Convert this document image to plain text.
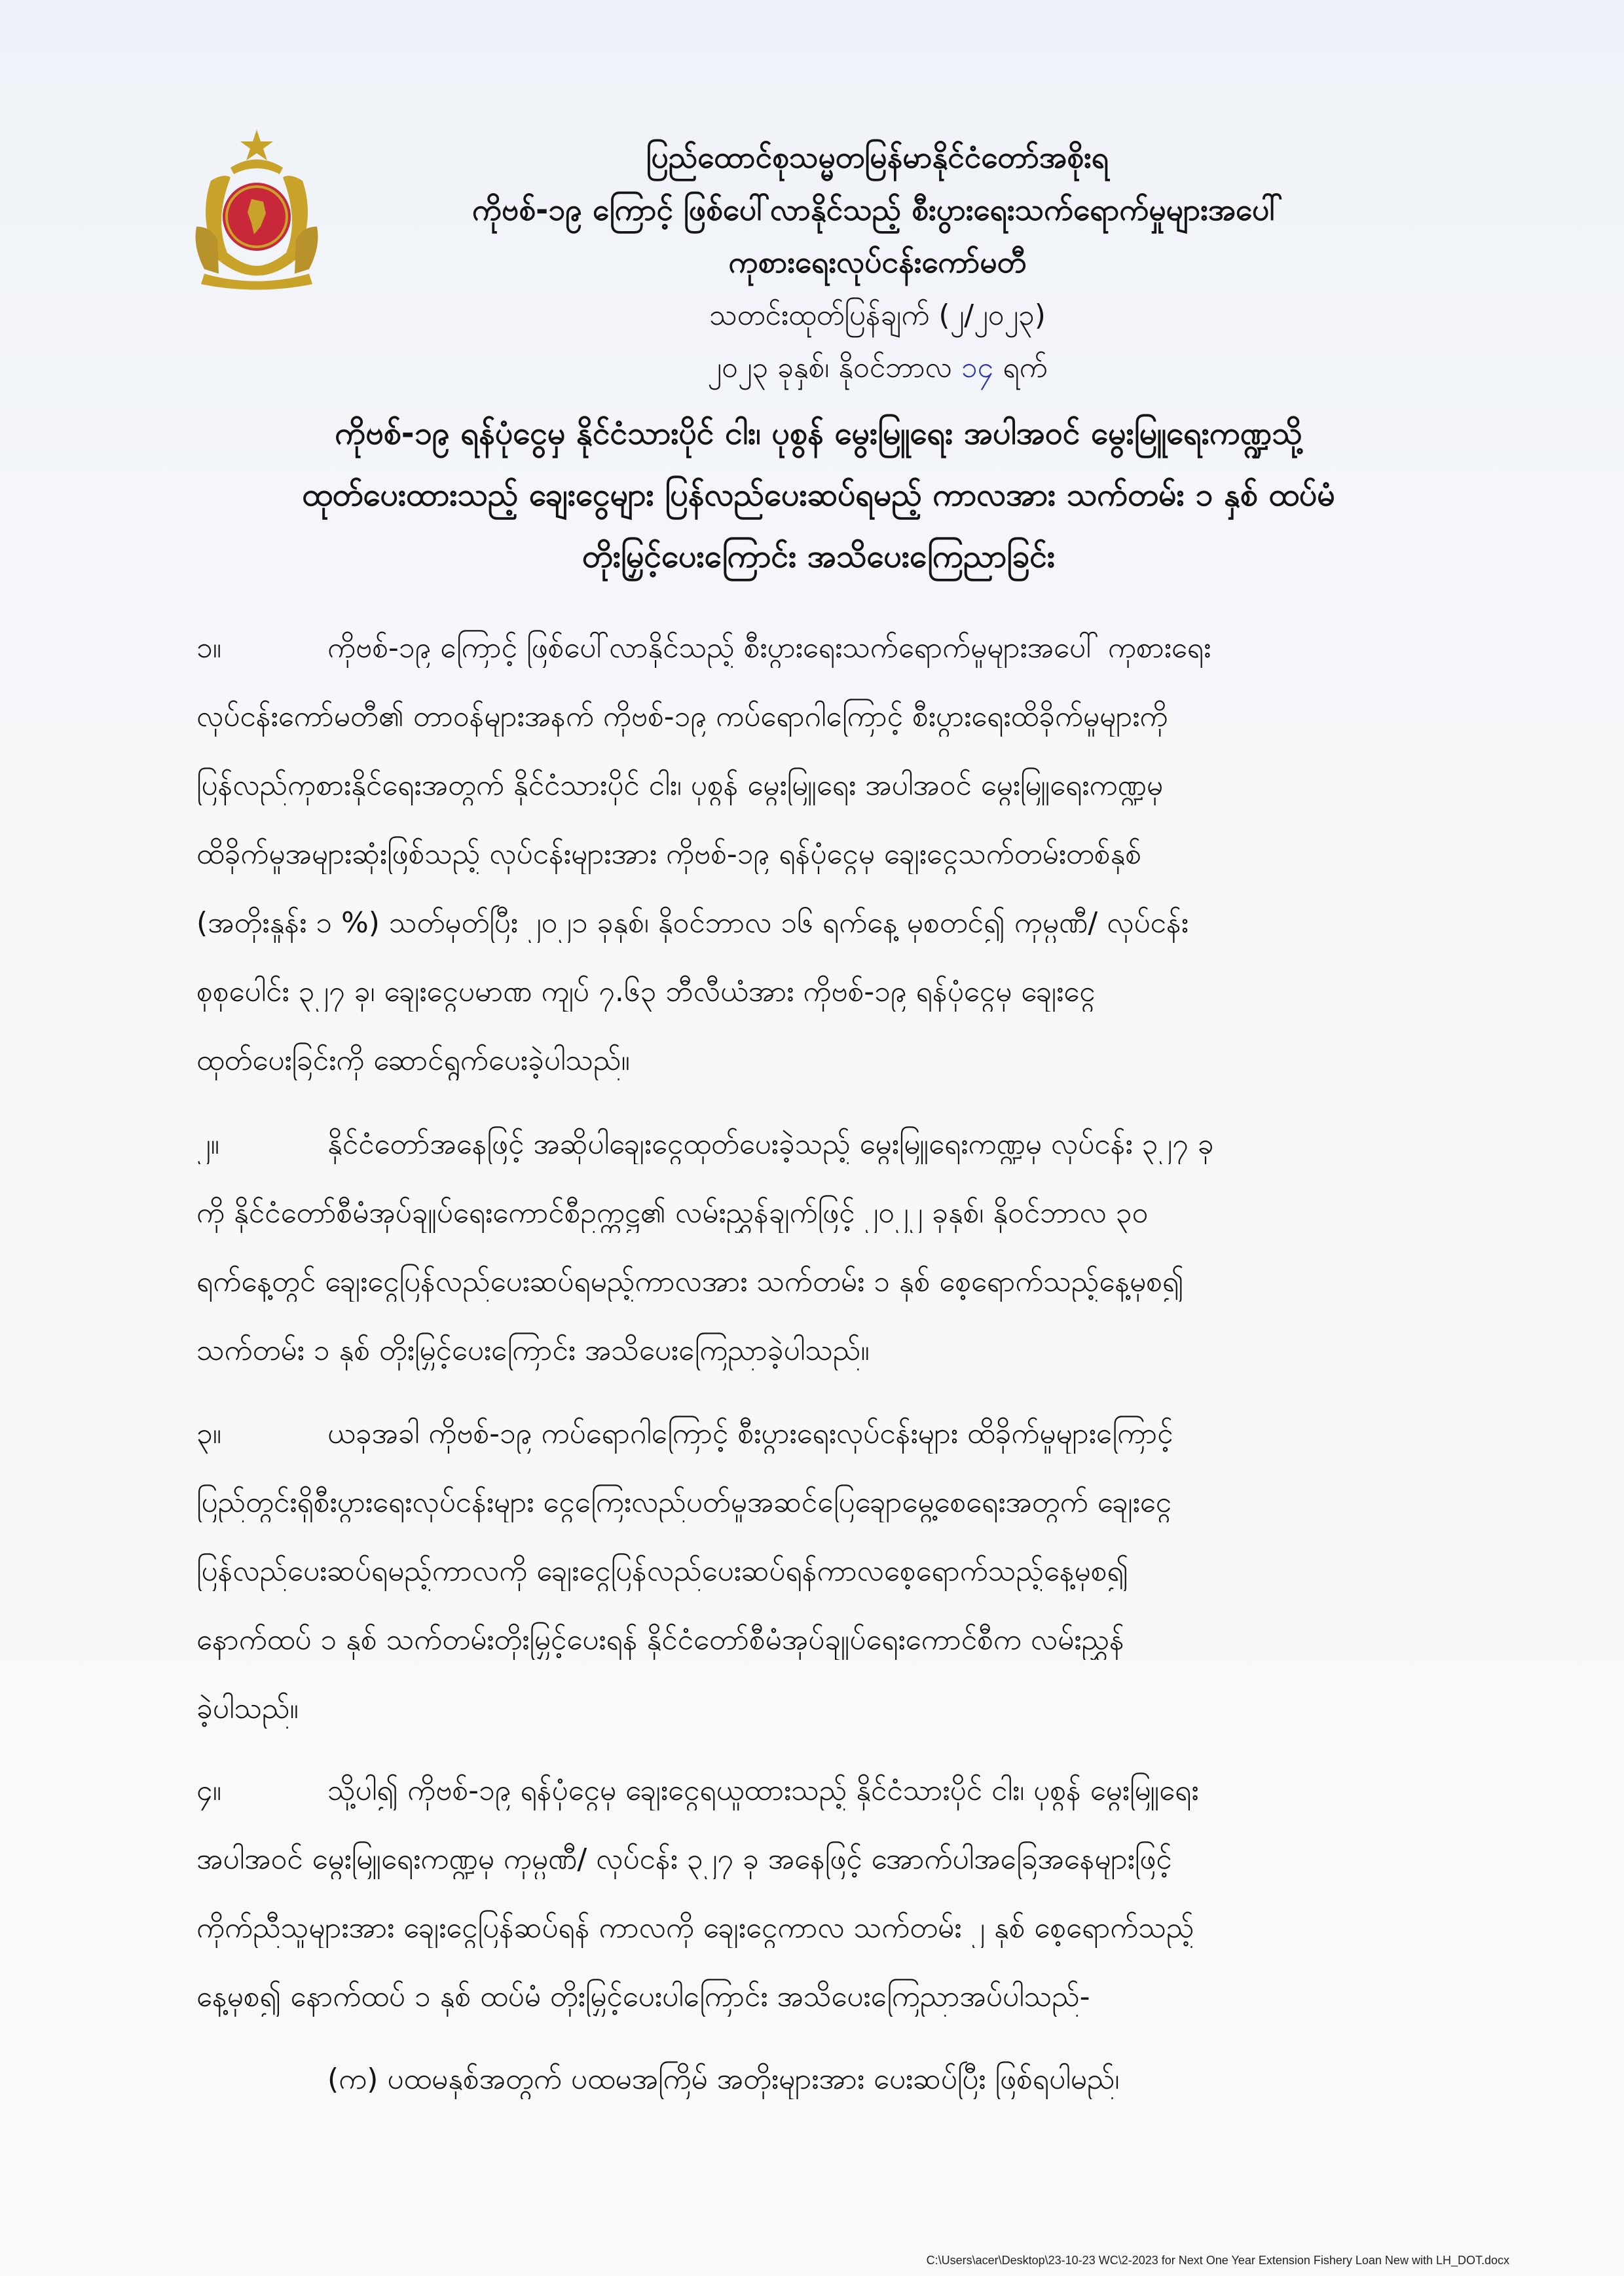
ပြည်ထောင်စုသမ္မတမြန်မာနိုင်ငံတော်အစိုးရ
ကိုဗစ်-၁၉ ကြောင့် ဖြစ်ပေါ်လာနိုင်သည့် စီးပွားရေးသက်ရောက်မှုများအပေါ်
ကုစားရေးလုပ်ငန်းကော်မတီ
သတင်းထုတ်ပြန်ချက် (၂/၂၀၂၃)
၂၀၂၃ ခုနှစ်၊ နိုဝင်ဘာလ ၁၄ ရက်
ကိုဗစ်-၁၉ ရန်ပုံငွေမှ နိုင်ငံသားပိုင် ငါး၊ ပုစွန် မွေးမြူရေး အပါအဝင် မွေးမြူရေးကဏ္ဍသို့
ထုတ်ပေးထားသည့် ချေးငွေများ ပြန်လည်ပေးဆပ်ရမည့် ကာလအား သက်တမ်း ၁ နှစ် ထပ်မံ
တိုးမြှင့်ပေးကြောင်း အသိပေးကြေညာခြင်း
၁။	ကိုဗစ်-၁၉ ကြောင့် ဖြစ်ပေါ်လာနိုင်သည့် စီးပွားရေးသက်ရောက်မှုများအပေါ် ကုစားရေး
လုပ်ငန်းကော်မတီ၏ တာဝန်များအနက် ကိုဗစ်-၁၉ ကပ်ရောဂါကြောင့် စီးပွားရေးထိခိုက်မှုများကို
ပြန်လည်ကုစားနိုင်ရေးအတွက် နိုင်ငံသားပိုင် ငါး၊ ပုစွန် မွေးမြူရေး အပါအဝင် မွေးမြူရေးကဏ္ဍမှ
ထိခိုက်မှုအများဆုံးဖြစ်သည့် လုပ်ငန်းများအား ကိုဗစ်-၁၉ ရန်ပုံငွေမှ ချေးငွေသက်တမ်းတစ်နှစ်
(အတိုးနှုန်း ၁ %) သတ်မှတ်ပြီး ၂၀၂၁ ခုနှစ်၊ နိုဝင်ဘာလ ၁၆ ရက်နေ့ မှစတင်၍ ကုမ္ပဏီ/ လုပ်ငန်း
စုစုပေါင်း ၃၂၇ ခု၊ ချေးငွေပမာဏ ကျပ် ၇.၆၃ ဘီလီယံအား ကိုဗစ်-၁၉ ရန်ပုံငွေမှ ချေးငွေ
ထုတ်ပေးခြင်းကို ဆောင်ရွက်ပေးခဲ့ပါသည်။
၂။	နိုင်ငံတော်အနေဖြင့် အဆိုပါချေးငွေထုတ်ပေးခဲ့သည့် မွေးမြူရေးကဏ္ဍမှ လုပ်ငန်း ၃၂၇ ခု
ကို နိုင်ငံတော်စီမံအုပ်ချုပ်ရေးကောင်စီဥက္ကဋ္ဌ၏ လမ်းညွှန်ချက်ဖြင့် ၂၀၂၂ ခုနှစ်၊ နိုဝင်ဘာလ ၃၀
ရက်နေ့တွင် ချေးငွေပြန်လည်ပေးဆပ်ရမည့်ကာလအား သက်တမ်း ၁ နှစ် စေ့ရောက်သည့်နေ့မှစ၍
သက်တမ်း ၁ နှစ် တိုးမြှင့်ပေးကြောင်း အသိပေးကြေညာခဲ့ပါသည်။
၃။	ယခုအခါ ကိုဗစ်-၁၉ ကပ်ရောဂါကြောင့် စီးပွားရေးလုပ်ငန်းများ ထိခိုက်မှုများကြောင့်
ပြည်တွင်းရှိစီးပွားရေးလုပ်ငန်းများ ငွေကြေးလည်ပတ်မှုအဆင်ပြေချောမွေ့စေရေးအတွက် ချေးငွေ
ပြန်လည်ပေးဆပ်ရမည့်ကာလကို ချေးငွေပြန်လည်ပေးဆပ်ရန်ကာလစေ့ရောက်သည့်နေ့မှစ၍
နောက်ထပ် ၁ နှစ် သက်တမ်းတိုးမြှင့်ပေးရန် နိုင်ငံတော်စီမံအုပ်ချုပ်ရေးကောင်စီက လမ်းညွှန်
ခဲ့ပါသည်။
၄။	သို့ပါ၍ ကိုဗစ်-၁၉ ရန်ပုံငွေမှ ချေးငွေရယူထားသည့် နိုင်ငံသားပိုင် ငါး၊ ပုစွန် မွေးမြူရေး
အပါအဝင် မွေးမြူရေးကဏ္ဍမှ ကုမ္ပဏီ/ လုပ်ငန်း ၃၂၇ ခု အနေဖြင့် အောက်ပါအခြေအနေများဖြင့်
ကိုက်ညီသူများအား ချေးငွေပြန်ဆပ်ရန် ကာလကို ချေးငွေကာလ သက်တမ်း ၂ နှစ် စေ့ရောက်သည့်
နေ့မှစ၍ နောက်ထပ် ၁ နှစ် ထပ်မံ တိုးမြှင့်ပေးပါကြောင်း အသိပေးကြေညာအပ်ပါသည်-
(က) ပထမနှစ်အတွက် ပထမအကြိမ် အတိုးများအား ပေးဆပ်ပြီး ဖြစ်ရပါမည်၊
C:\Users\acer\Desktop\23-10-23 WC\2-2023 for Next One Year Extension Fishery Loan New with LH_DOT.docx
